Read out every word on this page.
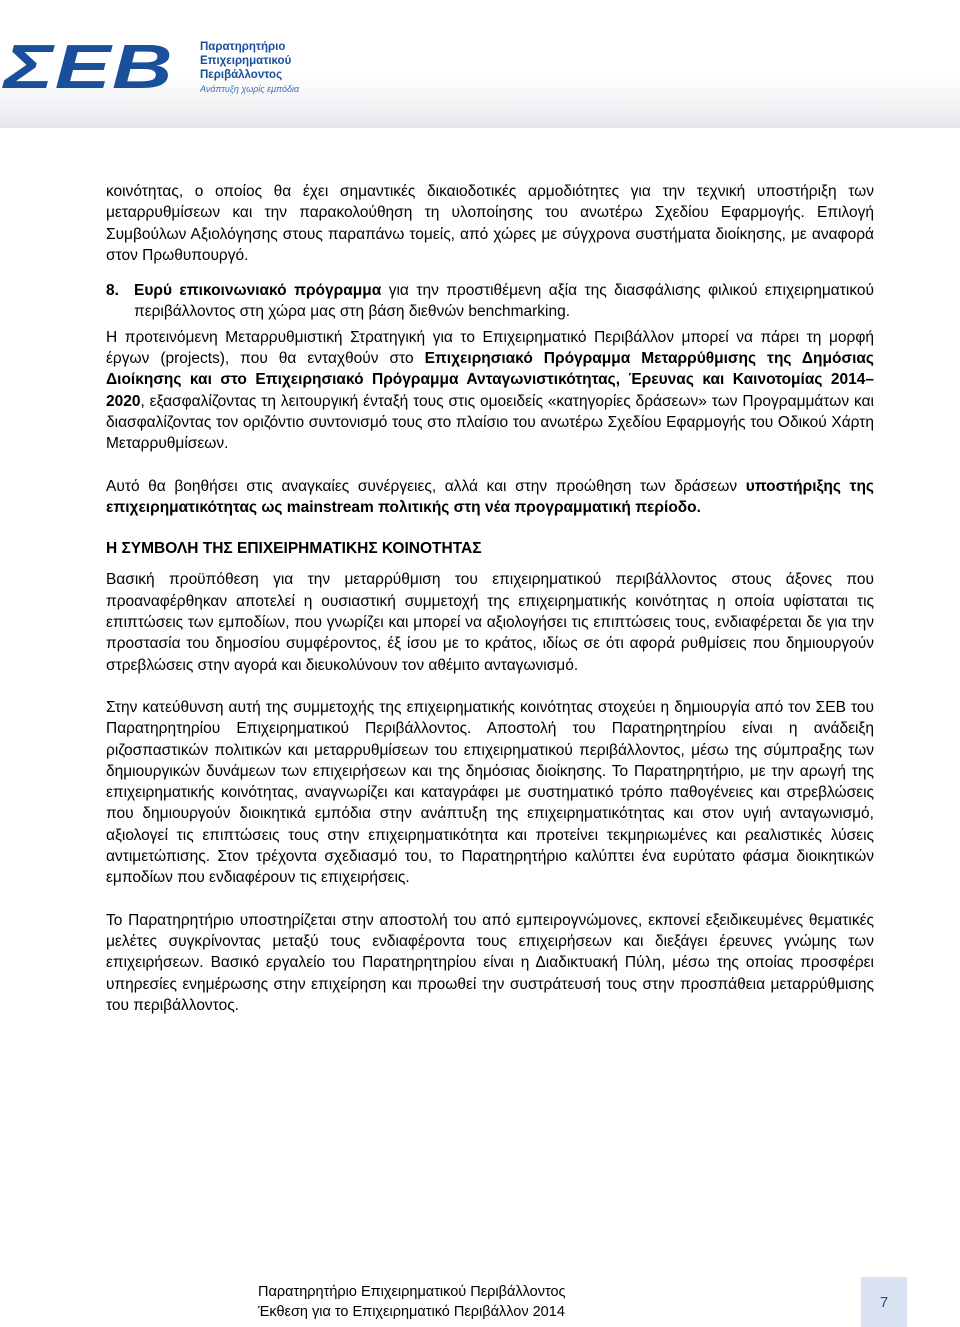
ΣΕΒ	Παρατηρητήριο
Επιχειρηματικού
Περιβάλλοντος
Ανάπτυξη χωρίς εμπόδια

κοινότητας, ο οποίος θα έχει σημαντικές δικαιοδοτικές αρμοδιότητες για την τεχνική υποστήριξη των μεταρρυθμίσεων και την παρακολούθηση τη υλοποίησης του ανωτέρω Σχεδίου Εφαρμογής. Επιλογή Συμβούλων Αξιολόγησης στους παραπάνω τομείς, από χώρες με σύγχρονα συστήματα διοίκησης, με αναφορά στον Πρωθυπουργό.

8. Ευρύ επικοινωνιακό πρόγραμμα για την προστιθέμενη αξία της διασφάλισης φιλικού επιχειρηματικού περιβάλλοντος στη χώρα μας στη βάση διεθνών benchmarking.

Η προτεινόμενη Μεταρρυθμιστική Στρατηγική για το Επιχειρηματικό Περιβάλλον μπορεί να πάρει τη μορφή έργων (projects), που θα ενταχθούν στο Επιχειρησιακό Πρόγραμμα Μεταρρύθμισης της Δημόσιας Διοίκησης και στο Επιχειρησιακό Πρόγραμμα Ανταγωνιστικότητας, Έρευνας και Καινοτομίας 2014–2020, εξασφαλίζοντας τη λειτουργική ένταξή τους στις ομοειδείς «κατηγορίες δράσεων» των Προγραμμάτων και διασφαλίζοντας τον οριζόντιο συντονισμό τους στο πλαίσιο του ανωτέρω Σχεδίου Εφαρμογής του Οδικού Χάρτη Μεταρρυθμίσεων.

Αυτό θα βοηθήσει στις αναγκαίες συνέργειες, αλλά και στην προώθηση των δράσεων υποστήριξης της επιχειρηματικότητας ως mainstream πολιτικής στη νέα προγραμματική περίοδο.

Η ΣΥΜΒΟΛΗ ΤΗΣ ΕΠΙΧΕΙΡΗΜΑΤΙΚΗΣ ΚΟΙΝΟΤΗΤΑΣ

Βασική προϋπόθεση για την μεταρρύθμιση του επιχειρηματικού περιβάλλοντος στους άξονες που προαναφέρθηκαν αποτελεί η ουσιαστική συμμετοχή της επιχειρηματικής κοινότητας η οποία υφίσταται τις επιπτώσεις των εμποδίων, που γνωρίζει και μπορεί να αξιολογήσει τις επιπτώσεις τους, ενδιαφέρεται δε για την προστασία του δημοσίου συμφέροντος, έξ ίσου με το κράτος, ιδίως σε ότι αφορά ρυθμίσεις που δημιουργούν στρεβλώσεις στην αγορά και διευκολύνουν τον αθέμιτο ανταγωνισμό.

Στην κατεύθυνση αυτή της συμμετοχής της επιχειρηματικής κοινότητας στοχεύει η δημιουργία από τον ΣΕΒ του Παρατηρητηρίου Επιχειρηματικού Περιβάλλοντος. Αποστολή του Παρατηρητηρίου είναι η ανάδειξη ριζοσπαστικών πολιτικών και μεταρρυθμίσεων του επιχειρηματικού περιβάλλοντος, μέσω της σύμπραξης των δημιουργικών δυνάμεων των επιχειρήσεων και της δημόσιας διοίκησης. Το Παρατηρητήριο, με την αρωγή της επιχειρηματικής κοινότητας, αναγνωρίζει και καταγράφει με συστηματικό τρόπο παθογένειες και στρεβλώσεις που δημιουργούν διοικητικά εμπόδια στην ανάπτυξη της επιχειρηματικότητας και στον υγιή ανταγωνισμό, αξιολογεί τις επιπτώσεις τους στην επιχειρηματικότητα και προτείνει τεκμηριωμένες και ρεαλιστικές λύσεις αντιμετώπισης. Στον τρέχοντα σχεδιασμό του, το Παρατηρητήριο καλύπτει ένα ευρύτατο φάσμα διοικητικών εμποδίων που ενδιαφέρουν τις επιχειρήσεις.

Το Παρατηρητήριο υποστηρίζεται στην αποστολή του από εμπειρογνώμονες, εκπονεί εξειδικευμένες θεματικές μελέτες συγκρίνοντας μεταξύ τους ενδιαφέροντα τους επιχειρήσεων και διεξάγει έρευνες γνώμης των επιχειρήσεων. Βασικό εργαλείο του Παρατηρητηρίου είναι η Διαδικτυακή Πύλη, μέσω της οποίας προσφέρει υπηρεσίες ενημέρωσης στην επιχείρηση και προωθεί την συστράτευσή τους στην προσπάθεια μεταρρύθμισης του περιβάλλοντος.

Παρατηρητήριο Επιχειρηματικού Περιβάλλοντος
Έκθεση για το Επιχειρηματικό Περιβάλλον 2014
7
